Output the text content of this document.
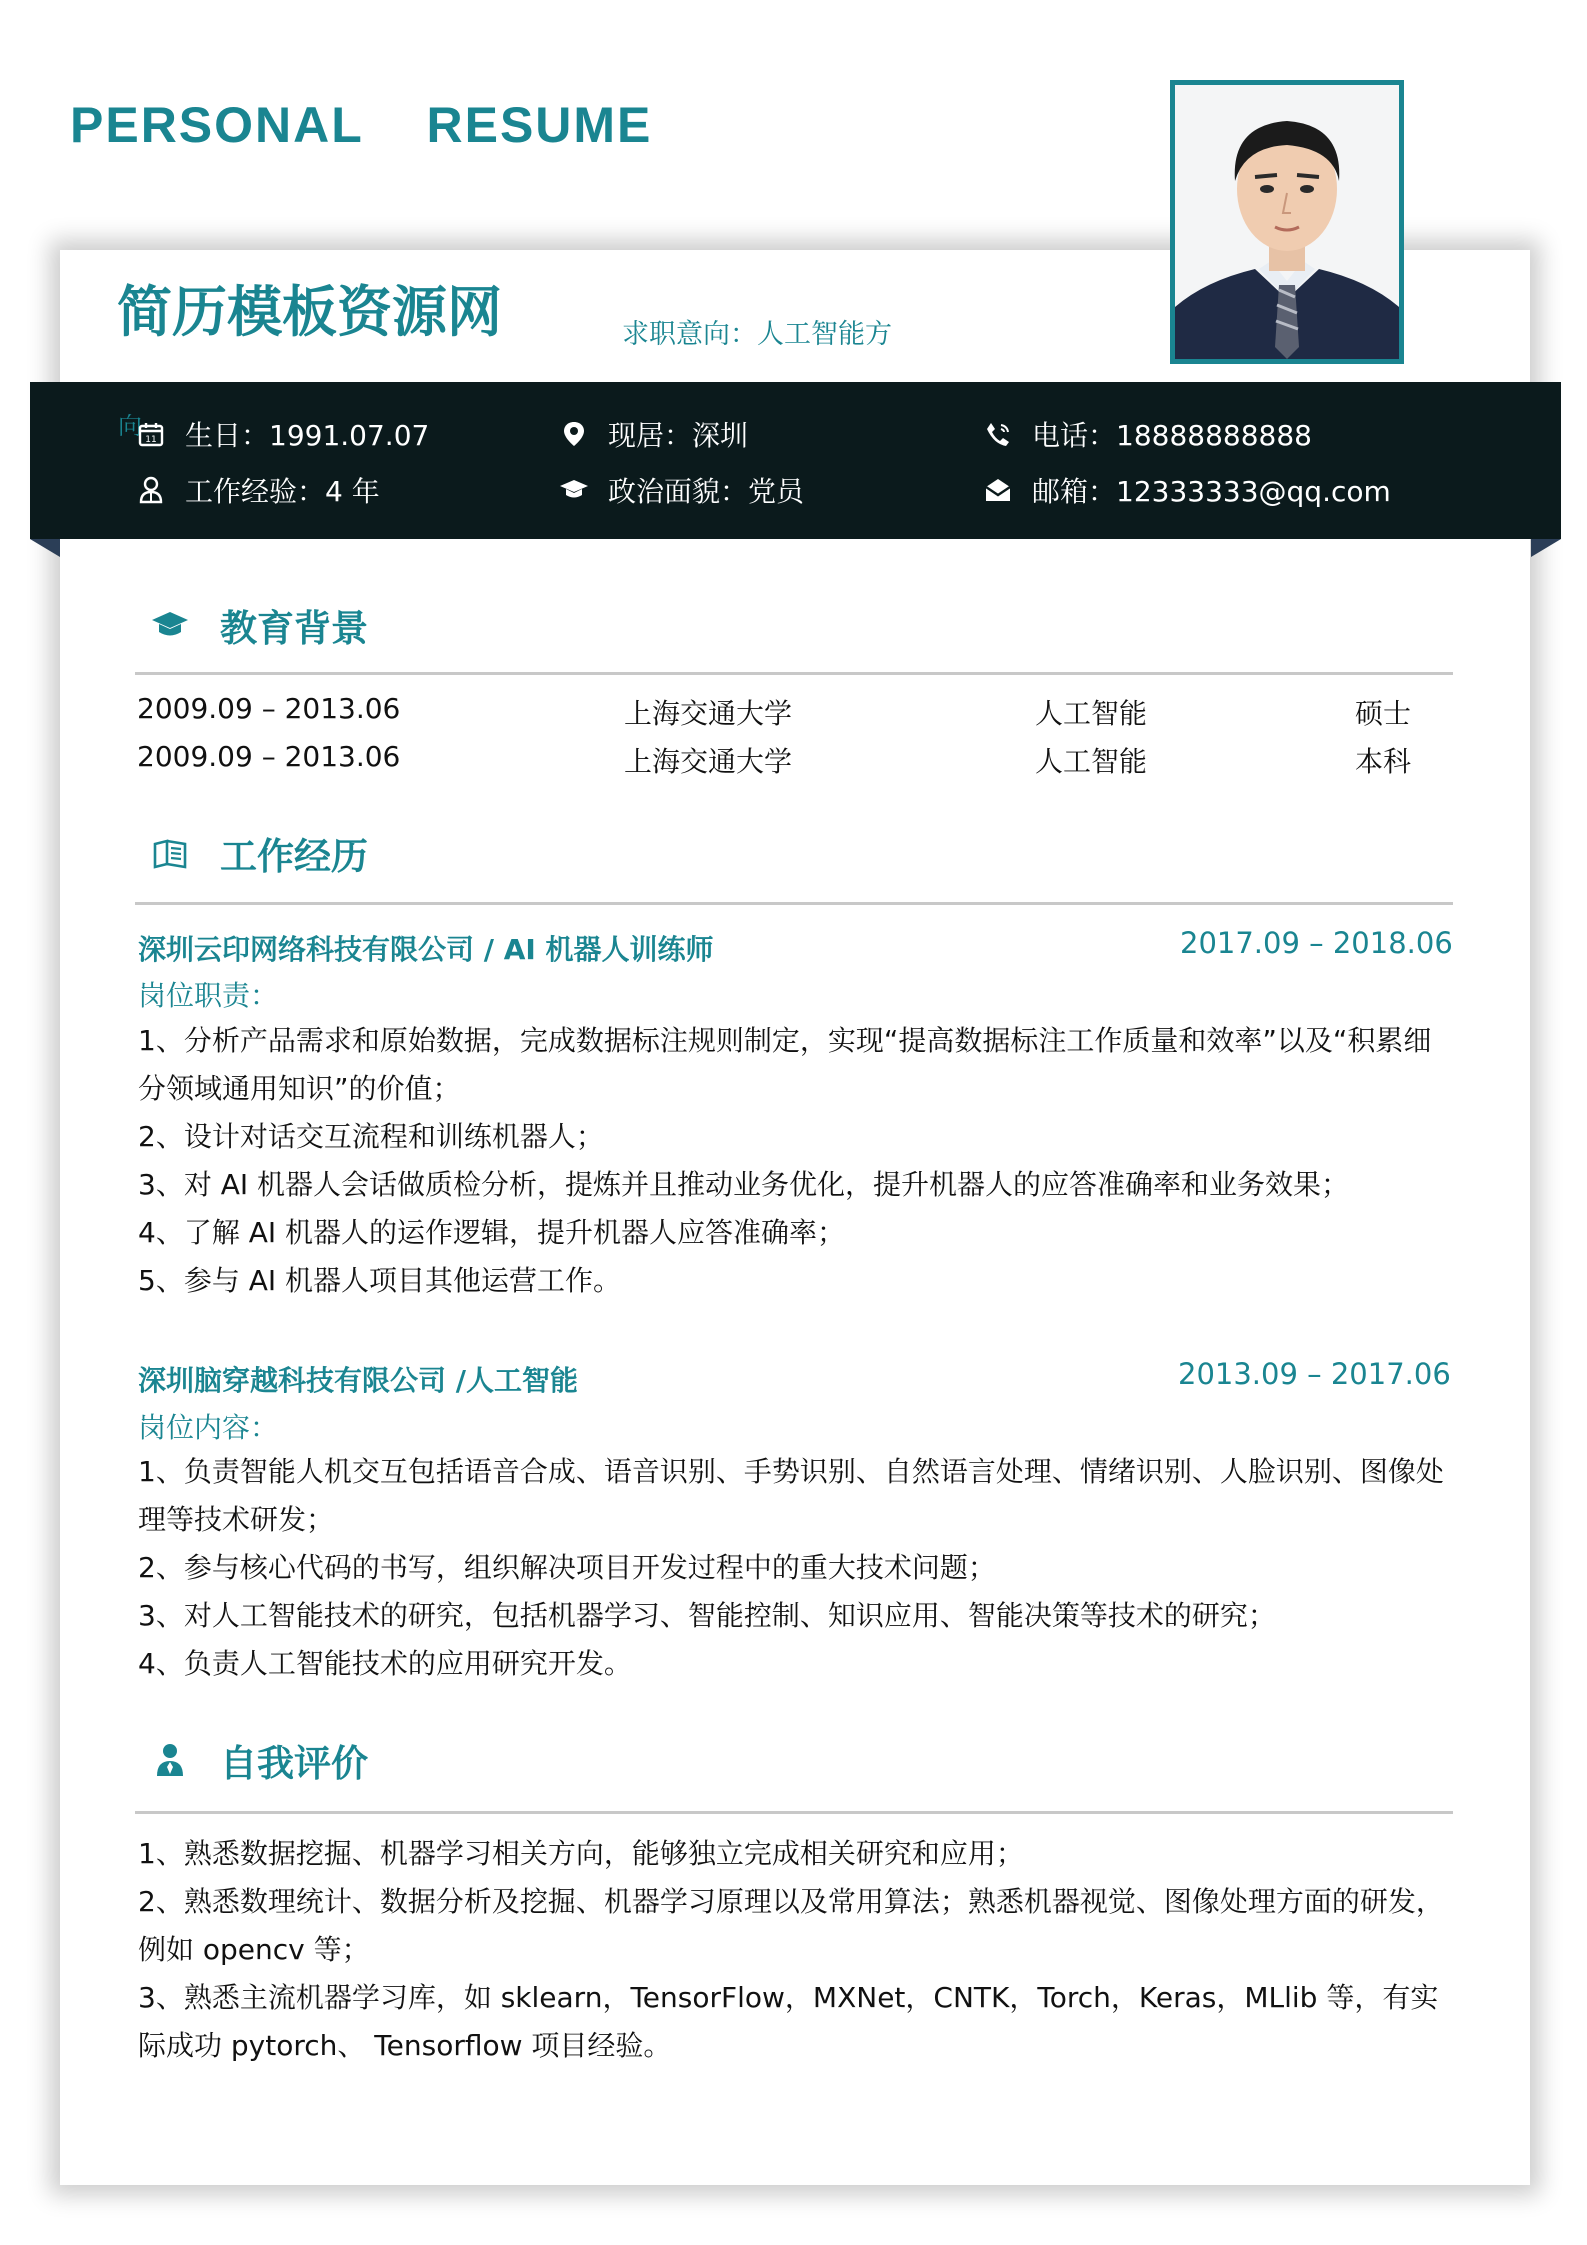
PERSONAL RESUME
简历模板资源网	求职意向：人工智能方
向 11 生日：1991.07.07	现居：深圳	电话：18888888888
工作经验：4 年	政治面貌：党员	邮箱：12333333@qq.com
教育背景
2009.09 – 2013.06	上海交通大学	人工智能	硕士
2009.09 – 2013.06	上海交通大学	人工智能	本科
工作经历
深圳云印网络科技有限公司 / AI 机器人训练师	2017.09 – 2018.06
岗位职责：
1、分析产品需求和原始数据，完成数据标注规则制定，实现“提高数据标注工作质量和效率”以及“积累细分领域通用知识”的价值；
2、设计对话交互流程和训练机器人；
3、对 AI 机器人会话做质检分析，提炼并且推动业务优化，提升机器人的应答准确率和业务效果；
4、了解 AI 机器人的运作逻辑，提升机器人应答准确率；
5、参与 AI 机器人项目其他运营工作。
深圳脑穿越科技有限公司 /人工智能	2013.09 – 2017.06
岗位内容：
1、负责智能人机交互包括语音合成、语音识别、手势识别、自然语言处理、情绪识别、人脸识别、图像处理等技术研发；
2、参与核心代码的书写，组织解决项目开发过程中的重大技术问题；
3、对人工智能技术的研究，包括机器学习、智能控制、知识应用、智能决策等技术的研究；
4、负责人工智能技术的应用研究开发。
自我评价
1、熟悉数据挖掘、机器学习相关方向，能够独立完成相关研究和应用；
2、熟悉数理统计、数据分析及挖掘、机器学习原理以及常用算法；熟悉机器视觉、图像处理方面的研发，例如 opencv 等；
3、熟悉主流机器学习库，如 sklearn，TensorFlow，MXNet，CNTK，Torch，Keras，MLlib 等，有实际成功 pytorch、 Tensorflow 项目经验。
